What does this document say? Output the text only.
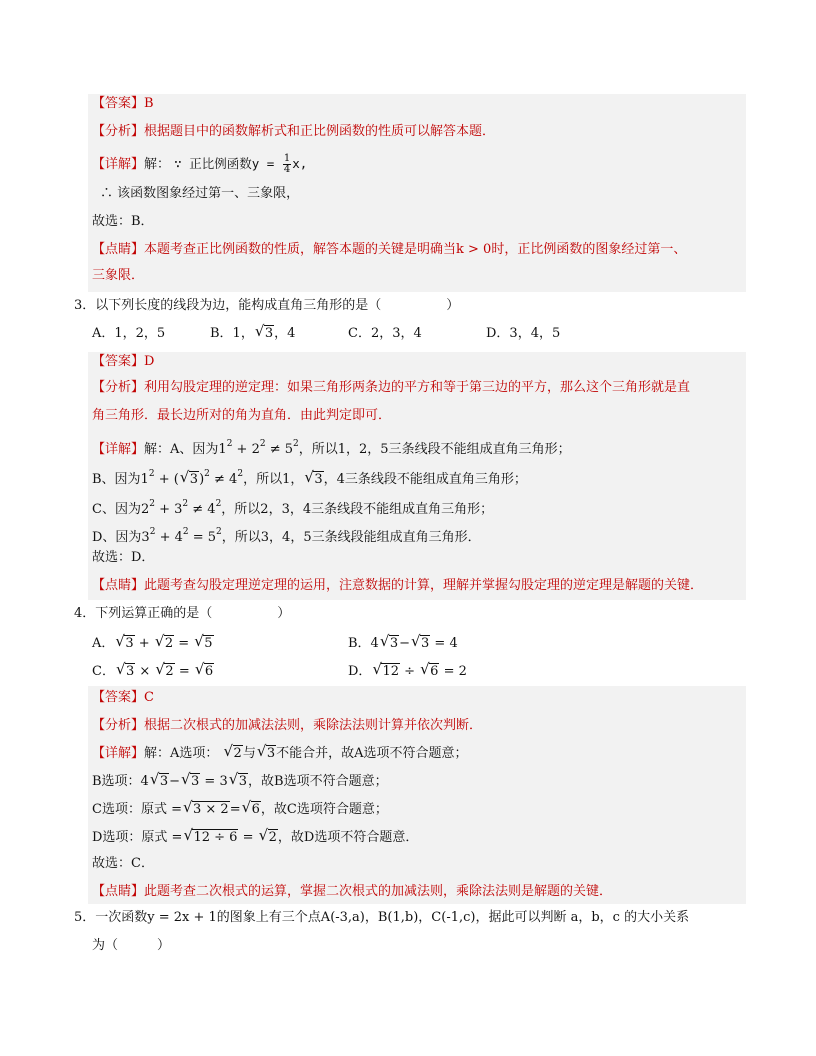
【答案】B
【分析】根据题目中的函数解析式和正比例函数的性质可以解答本题．
【详解】解： ∵ 正比例函数$y = \frac{1}{4} x$,
∴ 该函数图象经过第一、三象限，
故选：B．
【点睛】本题考查正比例函数的性质，解答本题的关键是明确当k > 0时，正比例函数的图象经过第一、
三象限．
3．以下列长度的线段为边，能构成直角三角形的是（　　　　　）
A．1，2，5	B．1， √ 3，4	C．2，3，4	D．3，4，5
【答案】D
【分析】利用勾股定理的逆定理：如果三角形两条边的平方和等于第三边的平方，那么这个三角形就是直
角三角形．最长边所对的角为直角．由此判定即可．
【详解】解：A、因为$1^2 + 2^2 \ne 5^2$，所以1，2，5三条线段不能组成直角三角形；
B、因为$1^2$ + ( √ $3)^2 \ne 4^2$，所以1， √ 3，4三条线段不能组成直角三角形；
C、因为$2^2 + 3^2 \ne 4^2$，所以2，3，4三条线段不能组成直角三角形；
D、因为$3^2 + 4^2 = 5^2$，所以3，4，5三条线段能组成直角三角形．
故选：D．
【点睛】此题考查勾股定理逆定理的运用，注意数据的计算，理解并掌握勾股定理的逆定理是解题的关键．
4．下列运算正确的是（　　　　　）
A． √ 3 + √ 2 = √ 5	B．4 √ 3− √ 3 = 4
C． √ 3 × √ 2 = √ 6	D． √ 12 ÷ √ 6 = 2
【答案】C
【分析】根据二次根式的加减法法则，乘除法法则计算并依次判断．
【详解】解：A选项： √ 2与 √ 3不能合并，故A选项不符合题意；
B选项：4 √ 3− √ 3 = 3 √ 3，故B选项不符合题意；
C选项：原式 = √ 3 × 2= √ 6，故C选项符合题意；
D选项：原式 = √ 12 ÷ 6 = √ 2，故D选项不符合题意．
故选：C．
【点睛】此题考查二次根式的运算，掌握二次根式的加减法则，乘除法法则是解题的关键．
5．一次函数y = 2x + 1的图象上有三个点A(-3,a)，B(1,b)，C(-1,c)，据此可以判断 a，b，c 的大小关系
为（　　　）
